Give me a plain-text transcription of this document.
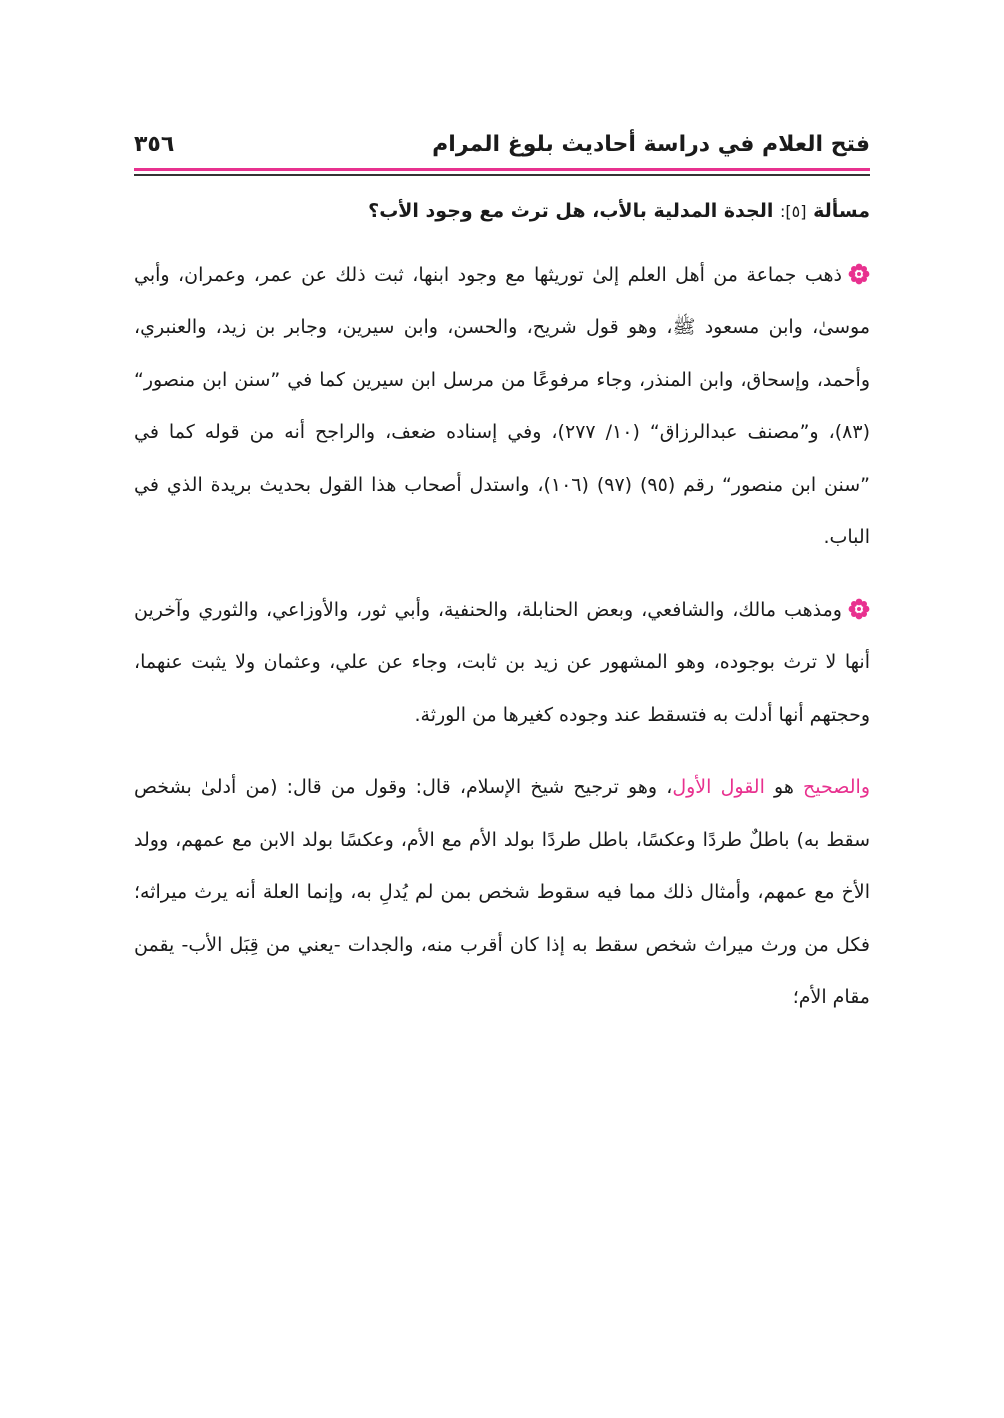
فتح العلام في دراسة أحاديث بلوغ المرام
٣٥٦
مسألة [٥]: الجدة المدلية بالأب، هل ترث مع وجود الأب؟

ذهب جماعة من أهل العلم إلىٰ توريثها مع وجود ابنها، ثبت ذلك عن عمر، وعمران، وأبي موسىٰ، وابن مسعود ﷺ، وهو قول شريح، والحسن، وابن سيرين، وجابر بن زيد، والعنبري، وأحمد، وإسحاق، وابن المنذر، وجاء مرفوعًا من مرسل ابن سيرين كما في ”سنن ابن منصور“ (٨٣)، و”مصنف عبدالرزاق“ (١٠/ ٢٧٧)، وفي إسناده ضعف، والراجح أنه من قوله كما في ”سنن ابن منصور“ رقم (٩٥) (٩٧) (١٠٦)، واستدل أصحاب هذا القول بحديث بريدة الذي في الباب.

ومذهب مالك، والشافعي، وبعض الحنابلة، والحنفية، وأبي ثور، والأوزاعي، والثوري وآخرين أنها لا ترث بوجوده، وهو المشهور عن زيد بن ثابت، وجاء عن علي، وعثمان ولا يثبت عنهما، وحجتهم أنها أدلت به فتسقط عند وجوده كغيرها من الورثة.

والصحيح هو القول الأول، وهو ترجيح شيخ الإسلام، قال: وقول من قال: (من أدلىٰ بشخص سقط به) باطلٌ طردًا وعكسًا، باطل طردًا بولد الأم مع الأم، وعكسًا بولد الابن مع عمهم، وولد الأخ مع عمهم، وأمثال ذلك مما فيه سقوط شخص بمن لم يُدلِ به، وإنما العلة أنه يرث ميراثه؛ فكل من ورث ميراث شخص سقط به إذا كان أقرب منه، والجدات -يعني من قِبَل الأب- يقمن مقام الأم؛
